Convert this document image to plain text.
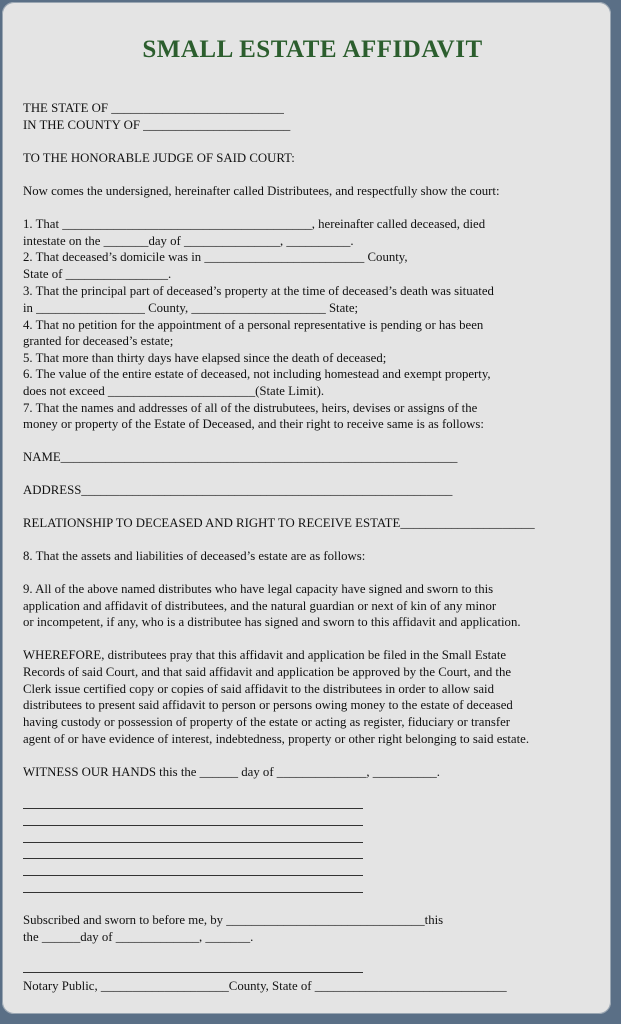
SMALL ESTATE AFFIDAVIT
THE STATE OF ___________________________
IN THE COUNTY OF _______________________
TO THE HONORABLE JUDGE OF SAID COURT:
Now comes the undersigned, hereinafter called Distributees, and respectfully show the court:
1. That _______________________________________, hereinafter called deceased, died
intestate on the _______day of _______________, __________.
2. That deceased’s domicile was in _________________________ County,
State of ________________.
3. That the principal part of deceased’s property at the time of deceased’s death was situated
in _________________ County, _____________________ State;
4. That no petition for the appointment of a personal representative is pending or has been
granted for deceased’s estate;
5. That more than thirty days have elapsed since the death of deceased;
6. The value of the entire estate of deceased, not including homestead and exempt property,
does not exceed _______________________(State Limit).
7. That the names and addresses of all of the distrubutees, heirs, devises or assigns of the
money or property of the Estate of Deceased, and their right to receive same is as follows:
NAME______________________________________________________________
ADDRESS__________________________________________________________
RELATIONSHIP TO DECEASED AND RIGHT TO RECEIVE ESTATE_____________________
8. That the assets and liabilities of deceased’s estate are as follows:
9. All of the above named distributes who have legal capacity have signed and sworn to this
application and affidavit of distributees, and the natural guardian or next of kin of any minor
or incompetent, if any, who is a distributee has signed and sworn to this affidavit and application.
WHEREFORE, distributees pray that this affidavit and application be filed in the Small Estate
Records of said Court, and that said affidavit and application be approved by the Court, and the
Clerk issue certified copy or copies of said affidavit to the distributees in order to allow said
distributees to present said affidavit to person or persons owing money to the estate of deceased
having custody or possession of property of the estate or acting as register, fiduciary or transfer
agent of or have evidence of interest, indebtedness, property or other right belonging to said estate.
WITNESS OUR HANDS this the ______ day of ______________, __________.
Subscribed and sworn to before me, by _______________________________this
the ______day of _____________, _______.
Notary Public, ____________________County, State of ______________________________
